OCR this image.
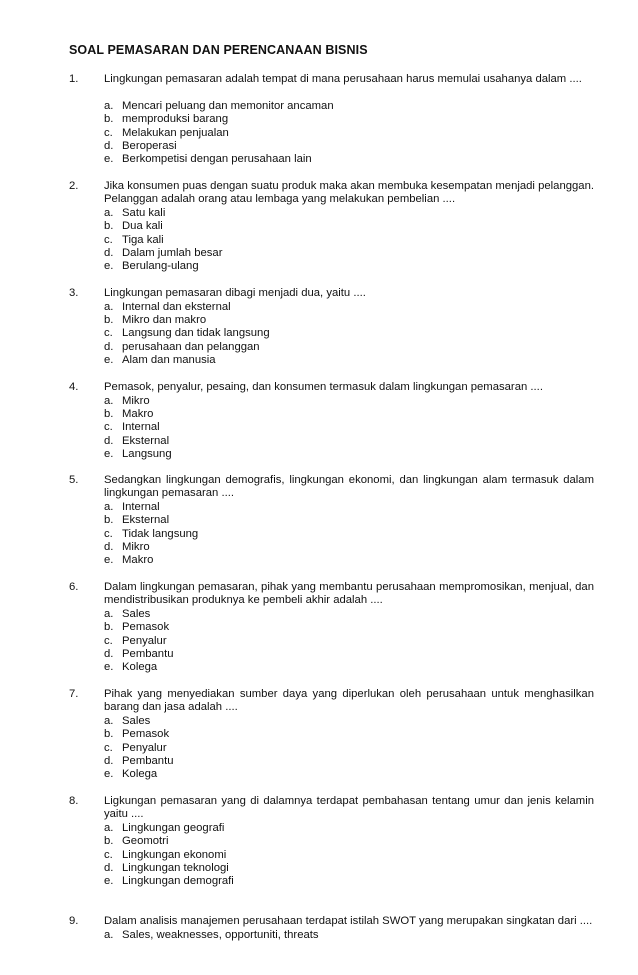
SOAL PEMASARAN DAN PERENCANAAN BISNIS
1. Lingkungan pemasaran adalah tempat di mana perusahaan harus memulai usahanya dalam ....
a. Mencari peluang dan memonitor ancaman
b. memproduksi barang
c. Melakukan penjualan
d. Beroperasi
e. Berkompetisi dengan perusahaan lain
2. Jika konsumen puas dengan suatu produk maka akan membuka kesempatan menjadi pelanggan. Pelanggan adalah orang atau lembaga yang melakukan pembelian ....
a. Satu kali
b. Dua kali
c. Tiga kali
d. Dalam jumlah besar
e. Berulang-ulang
3. Lingkungan pemasaran dibagi menjadi dua, yaitu ....
a. Internal dan eksternal
b. Mikro dan makro
c. Langsung dan tidak langsung
d. perusahaan dan pelanggan
e. Alam dan manusia
4. Pemasok, penyalur, pesaing, dan konsumen termasuk dalam lingkungan pemasaran ....
a. Mikro
b. Makro
c. Internal
d. Eksternal
e. Langsung
5. Sedangkan lingkungan demografis, lingkungan ekonomi, dan lingkungan alam termasuk dalam lingkungan pemasaran ....
a. Internal
b. Eksternal
c. Tidak langsung
d. Mikro
e. Makro
6. Dalam lingkungan pemasaran, pihak yang membantu perusahaan mempromosikan, menjual, dan mendistribusikan produknya ke pembeli akhir adalah ....
a. Sales
b. Pemasok
c. Penyalur
d. Pembantu
e. Kolega
7. Pihak yang menyediakan sumber daya yang diperlukan oleh perusahaan untuk menghasilkan barang dan jasa adalah ....
a. Sales
b. Pemasok
c. Penyalur
d. Pembantu
e. Kolega
8. Ligkungan pemasaran yang di dalamnya terdapat pembahasan tentang umur dan jenis kelamin yaitu ....
a. Lingkungan geografi
b. Geomotri
c. Lingkungan ekonomi
d. Lingkungan teknologi
e. Lingkungan demografi
9. Dalam analisis manajemen perusahaan terdapat istilah SWOT yang merupakan singkatan dari ....
a. Sales, weaknesses, opportuniti, threats
